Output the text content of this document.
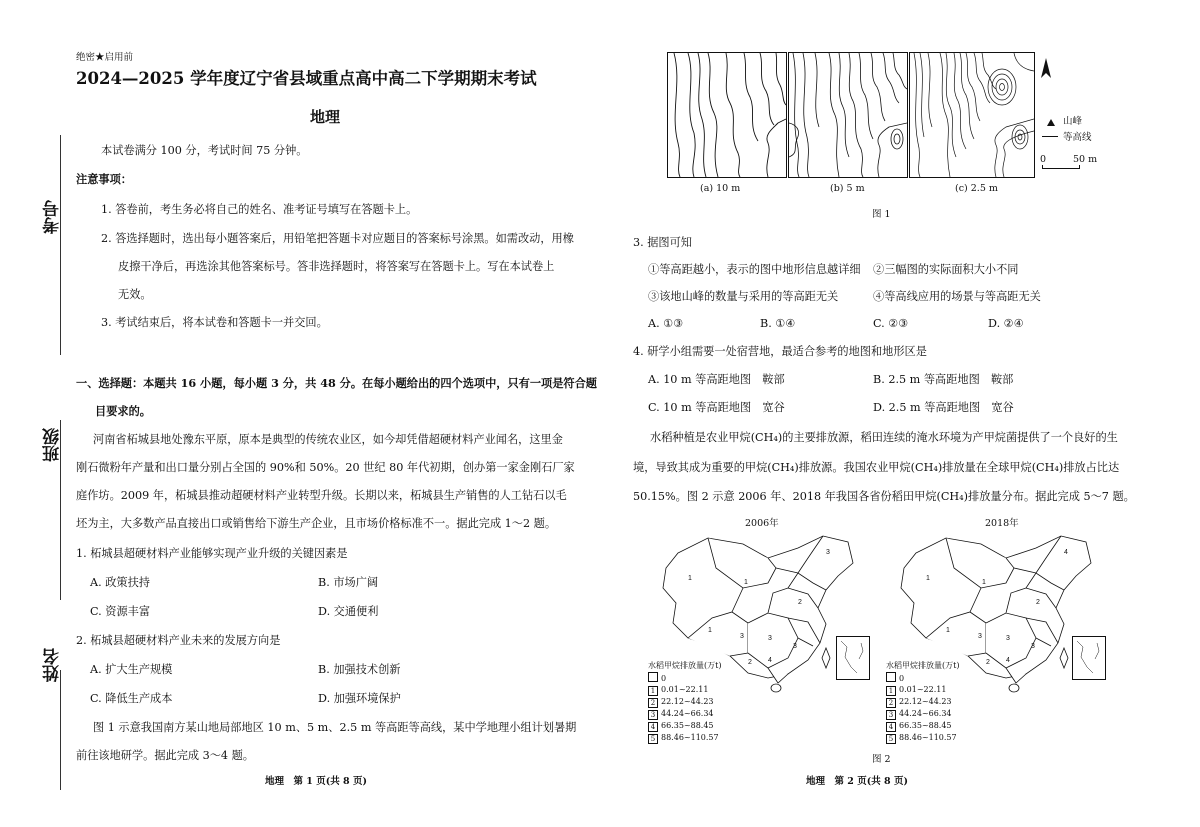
绝密★启用前
2024—2025 学年度辽宁省县域重点高中高二下学期期末考试
地理
考号
班级
姓名
本试卷满分 100 分，考试时间 75 分钟。
注意事项：
1. 答卷前，考生务必将自己的姓名、准考证号填写在答题卡上。
2. 答选择题时，选出每小题答案后，用铅笔把答题卡对应题目的答案标号涂黑。如需改动，用橡
皮擦干净后，再选涂其他答案标号。答非选择题时，将答案写在答题卡上。写在本试卷上
无效。
3. 考试结束后，将本试卷和答题卡一并交回。
一、选择题：本题共 16 小题，每小题 3 分，共 48 分。在每小题给出的四个选项中，只有一项是符合题
目要求的。
河南省柘城县地处豫东平原，原本是典型的传统农业区，如今却凭借超硬材料产业闻名，这里金
刚石微粉年产量和出口量分别占全国的 90%和 50%。20 世纪 80 年代初期，创办第一家金刚石厂家
庭作坊。2009 年，柘城县推动超硬材料产业转型升级。长期以来，柘城县生产销售的人工钻石以毛
坯为主，大多数产品直接出口或销售给下游生产企业，且市场价格标准不一。据此完成 1～2 题。
1. 柘城县超硬材料产业能够实现产业升级的关键因素是
A. 政策扶持	B. 市场广阔
C. 资源丰富	D. 交通便利
2. 柘城县超硬材料产业未来的发展方向是
A. 扩大生产规模	B. 加强技术创新
C. 降低生产成本	D. 加强环境保护
图 1 示意我国南方某山地局部地区 10 m、5 m、2.5 m 等高距等高线，某中学地理小组计划暑期
前往该地研学。据此完成 3～4 题。
地理　第 1 页(共 8 页)
(a) 10 m	(b) 5 m	(c) 2.5 m
山峰
等高线
0	50 m
图 1
3. 据图可知
①等高距越小，表示的图中地形信息越详细 ②三幅图的实际面积大小不同
③该地山峰的数量与采用的等高距无关	④等高线应用的场景与等高距无关
A. ①③	B. ①④	C. ②③	D. ②④
4. 研学小组需要一处宿营地，最适合参考的地图和地形区是
A. 10 m 等高距地图　鞍部	B. 2.5 m 等高距地图　鞍部
C. 10 m 等高距地图　宽谷	D. 2.5 m 等高距地图　宽谷
水稻种植是农业甲烷(CH₄)的主要排放源，稻田连续的淹水环境为产甲烷菌提供了一个良好的生
境，导致其成为重要的甲烷(CH₄)排放源。我国农业甲烷(CH₄)排放量在全球甲烷(CH₄)排放占比达
50.15%。图 2 示意 2006 年、2018 年我国各省份稻田甲烷(CH₄)排放量分布。据此完成 5～7 题。
2006年	2018年
1
1
3
2
1
3	3
4
3
2
1
1
4
2
1
3	3
4
3
2
水稻甲烷排放量(万t)
0
1 0.01~22.11
2 22.12~44.23
3 44.24~66.34
4 66.35~88.45
5 88.46~110.57
水稻甲烷排放量(万t)
0
1 0.01~22.11
2 22.12~44.23
3 44.24~66.34
4 66.35~88.45
5 88.46~110.57
图 2
地理　第 2 页(共 8 页)
